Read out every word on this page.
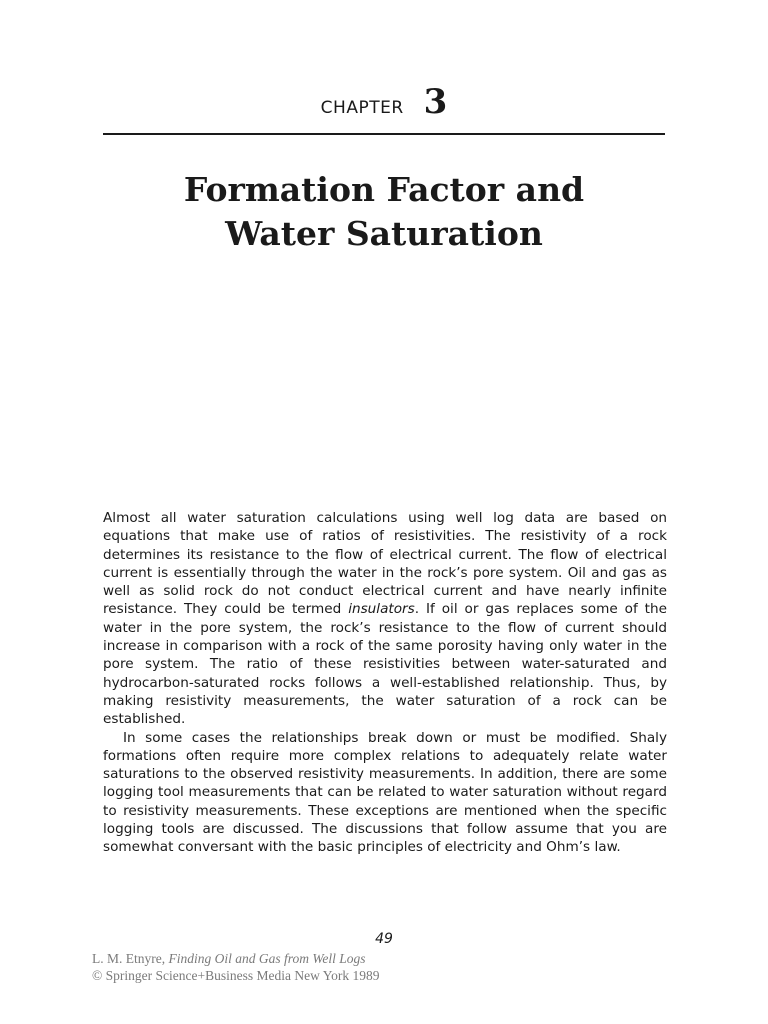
CHAPTER 3
Formation Factor and
Water Saturation

Almost all water saturation calculations using well log data are based on equations that make use of ratios of resistivities. The resistivity of a rock determines its resistance to the flow of electrical current. The flow of electrical current is essentially through the water in the rock’s pore system. Oil and gas as well as solid rock do not conduct electrical current and have nearly infinite resistance. They could be termed insulators. If oil or gas replaces some of the water in the pore system, the rock’s resistance to the flow of current should increase in comparison with a rock of the same porosity having only water in the pore system. The ratio of these resistivities between water-saturated and hydrocarbon-saturated rocks follows a well-established relationship. Thus, by making resistivity measurements, the water saturation of a rock can be established.

In some cases the relationships break down or must be modified. Shaly formations often require more complex relations to adequately relate water saturations to the observed resistivity measurements. In addition, there are some logging tool measurements that can be related to water saturation without regard to resistivity measurements. These exceptions are mentioned when the specific logging tools are discussed. The discussions that follow assume that you are somewhat conversant with the basic principles of electricity and Ohm’s law.

49
L. M. Etnyre, Finding Oil and Gas from Well Logs
© Springer Science+Business Media New York 1989
